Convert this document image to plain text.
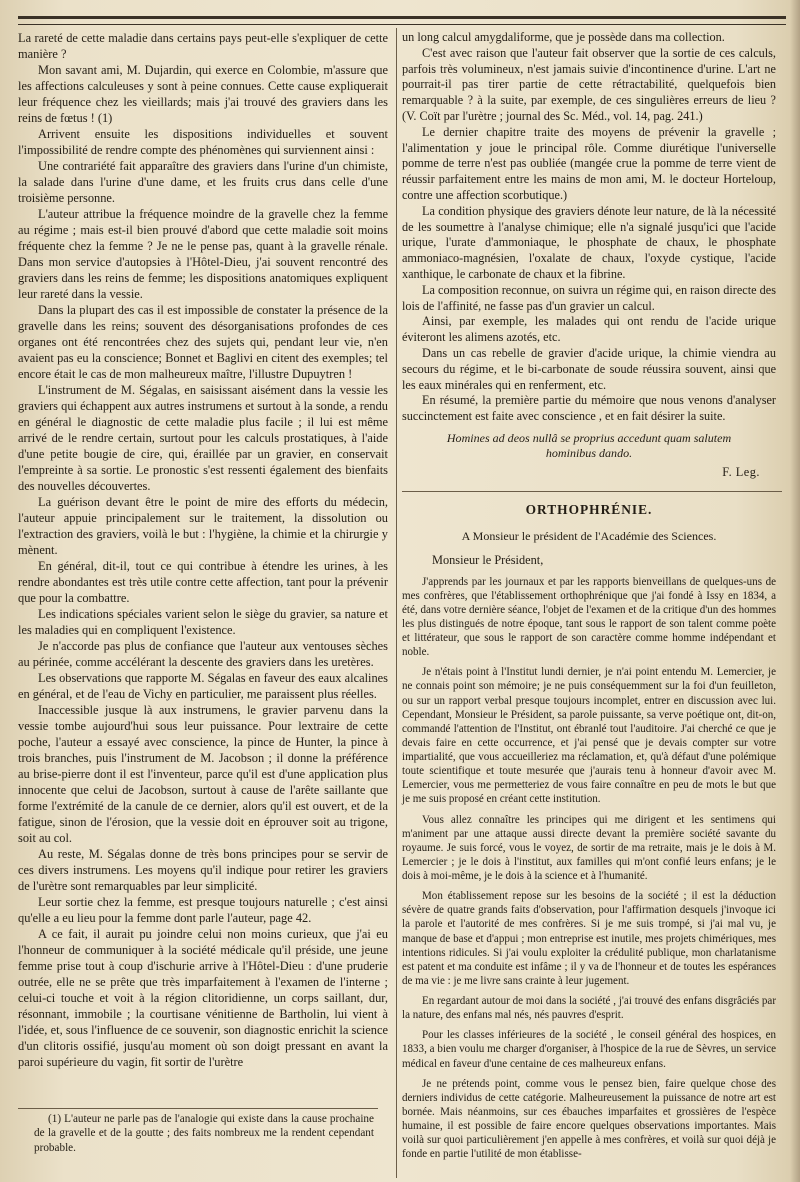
La rareté de cette maladie dans certains pays peut-elle s'expliquer de cette manière ?

Mon savant ami, M. Dujardin, qui exerce en Colombie, m'assure que les affections calculeuses y sont à peine connues. Cette cause expliquerait leur fréquence chez les vieillards; mais j'ai trouvé des graviers dans les reins de fœtus ! (1)

Arrivent ensuite les dispositions individuelles et souvent l'impossibilité de rendre compte des phénomènes qui surviennent ainsi :

Une contrariété fait apparaître des graviers dans l'urine d'un chimiste, la salade dans l'urine d'une dame, et les fruits crus dans celle d'une troisième personne.

L'auteur attribue la fréquence moindre de la gravelle chez la femme au régime ; mais est-il bien prouvé d'abord que cette maladie soit moins fréquente chez la femme ? Je ne le pense pas, quant à la gravelle rénale. Dans mon service d'autopsies à l'Hôtel-Dieu, j'ai souvent rencontré des graviers dans les reins de femme; les dispositions anatomiques expliquent leur rareté dans la vessie.

Dans la plupart des cas il est impossible de constater la présence de la gravelle dans les reins; souvent des désorganisations profondes de ces organes ont été rencontrées chez des sujets qui, pendant leur vie, n'en avaient pas eu la conscience; Bonnet et Baglivi en citent des exemples; tel encore était le cas de mon malheureux maître, l'illustre Dupuytren !

L'instrument de M. Ségalas, en saisissant aisément dans la vessie les graviers qui échappent aux autres instrumens et surtout à la sonde, a rendu en général le diagnostic de cette maladie plus facile ; il lui est même arrivé de le rendre certain, surtout pour les calculs prostatiques, à l'aide d'une petite bougie de cire, qui, éraillée par un gravier, en conservait l'empreinte à sa sortie. Le pronostic s'est ressenti également des bienfaits des nouvelles découvertes.

La guérison devant être le point de mire des efforts du médecin, l'auteur appuie principalement sur le traitement, la dissolution ou l'extraction des graviers, voilà le but : l'hygiène, la chimie et la chirurgie y mènent.

En général, dit-il, tout ce qui contribue à étendre les urines, à les rendre abondantes est très utile contre cette affection, tant pour la prévenir que pour la combattre.

Les indications spéciales varient selon le siège du gravier, sa nature et les maladies qui en compliquent l'existence.

Je n'accorde pas plus de confiance que l'auteur aux ventouses sèches au périnée, comme accélérant la descente des graviers dans les uretères.

Les observations que rapporte M. Ségalas en faveur des eaux alcalines en général, et de l'eau de Vichy en particulier, me paraissent plus réelles.

Inaccessible jusque là aux instrumens, le gravier parvenu dans la vessie tombe aujourd'hui sous leur puissance. Pour lextraire de cette poche, l'auteur a essayé avec conscience, la pince de Hunter, la pince à trois branches, puis l'instrument de M. Jacobson ; il donne la préférence au brise-pierre dont il est l'inventeur, parce qu'il est d'une application plus innocente que celui de Jacobson, surtout à cause de l'arête saillante que forme l'extrémité de la canule de ce dernier, alors qu'il est ouvert, et de la fatigue, sinon de l'érosion, que la vessie doit en éprouver soit au trigone, soit au col.

Au reste, M. Ségalas donne de très bons principes pour se servir de ces divers instrumens. Les moyens qu'il indique pour retirer les graviers de l'urètre sont remarquables par leur simplicité.

Leur sortie chez la femme, est presque toujours naturelle ; c'est ainsi qu'elle a eu lieu pour la femme dont parle l'auteur, page 42.

A ce fait, il aurait pu joindre celui non moins curieux, que j'ai eu l'honneur de communiquer à la société médicale qu'il préside, une jeune femme prise tout à coup d'ischurie arrive à l'Hôtel-Dieu : d'une pruderie outrée, elle ne se prête que très imparfaitement à l'examen de l'interne ; celui-ci touche et voit à la région clitoridienne, un corps saillant, dur, résonnant, immobile ; la courtisane vénitienne de Bartholin, lui vient à l'idée, et, sous l'influence de ce souvenir, son diagnostic enrichit la science d'un clitoris ossifié, jusqu'au moment où son doigt pressant en avant la paroi supérieure du vagin, fit sortir de l'urètre

(1) L'auteur ne parle pas de l'analogie qui existe dans la cause prochaine de la gravelle et de la goutte ; des faits nombreux me la rendent cependant probable.

un long calcul amygdaliforme, que je possède dans ma collection.

C'est avec raison que l'auteur fait observer que la sortie de ces calculs, parfois très volumineux, n'est jamais suivie d'incontinence d'urine. L'art ne pourrait-il pas tirer partie de cette rétractabilité, quelquefois bien remarquable ? à la suite, par exemple, de ces singulières erreurs de lieu ? (V. Coït par l'urètre ; journal des Sc. Méd., vol. 14, pag. 241.)

Le dernier chapitre traite des moyens de prévenir la gravelle ; l'alimentation y joue le principal rôle. Comme diurétique l'universelle pomme de terre n'est pas oubliée (mangée crue la pomme de terre vient de réussir parfaitement entre les mains de mon ami, M. le docteur Horteloup, contre une affection scorbutique.)

La condition physique des graviers dénote leur nature, de là la nécessité de les soumettre à l'analyse chimique; elle n'a signalé jusqu'ici que l'acide urique, l'urate d'ammoniaque, le phosphate de chaux, le phosphate ammoniaco-magnésien, l'oxalate de chaux, l'oxyde cystique, l'acide xanthique, le carbonate de chaux et la fibrine.

La composition reconnue, on suivra un régime qui, en raison directe des lois de l'affinité, ne fasse pas d'un gravier un calcul.

Ainsi, par exemple, les malades qui ont rendu de l'acide urique éviteront les alimens azotés, etc.

Dans un cas rebelle de gravier d'acide urique, la chimie viendra au secours du régime, et le bi-carbonate de soude réussira souvent, ainsi que les eaux minérales qui en renferment, etc.

En résumé, la première partie du mémoire que nous venons d'analyser succinctement est faite avec conscience , et en fait désirer la suite.

Homines ad deos nullâ se proprius accedunt quam salutem hominibus dando.
F. Leg.
ORTHOPHRÉNIE.
A Monsieur le président de l'Académie des Sciences.
Monsieur le Président,

J'apprends par les journaux et par les rapports bienveillans de quelques-uns de mes confrères, que l'établissement orthophrénique que j'ai fondé à Issy en 1834, a été, dans votre dernière séance, l'objet de l'examen et de la critique d'un des hommes les plus distingués de notre époque, tant sous le rapport de son talent comme poète et littérateur, que sous le rapport de son caractère comme homme indépendant et noble.

Je n'étais point à l'Institut lundi dernier, je n'ai point entendu M. Lemercier, je ne connais point son mémoire; je ne puis conséquemment sur la foi d'un feuilleton, ou sur un rapport verbal presque toujours incomplet, entrer en discussion avec lui. Cependant, Monsieur le Président, sa parole puissante, sa verve poétique ont, dit-on, commandé l'attention de l'Institut, ont ébranlé tout l'auditoire. J'ai cherché ce que je devais faire en cette occurrence, et j'ai pensé que je devais compter sur votre impartialité, que vous accueilleriez ma réclamation, et, qu'à défaut d'une polémique toute scientifique et toute mesurée que j'aurais tenu à honneur d'avoir avec M. Lemercier, vous me permetteriez de vous faire connaître en peu de mots le but que je me suis proposé en créant cette institution.

Vous allez connaître les principes qui me dirigent et les sentimens qui m'animent par une attaque aussi directe devant la première société savante du royaume. Je suis forcé, vous le voyez, de sortir de ma retraite, mais je le dois à M. Lemercier ; je le dois à l'institut, aux familles qui m'ont confié leurs enfans; je le dois à moi-même, je le dois à la science et à l'humanité.

Mon établissement repose sur les besoins de la société ; il est la déduction sévère de quatre grands faits d'observation, pour l'affirmation desquels j'invoque ici la parole et l'autorité de mes confrères. Si je me suis trompé, si j'ai mal vu, je manque de base et d'appui ; mon entreprise est inutile, mes projets chimériques, mes intentions ridicules. Si j'ai voulu exploiter la crédulité publique, mon charlatanisme est patent et ma conduite est infâme ; il y va de l'honneur et de toutes les espérances de ma vie : je me livre sans crainte à leur jugement.

En regardant autour de moi dans la société , j'ai trouvé des enfans disgrâciés par la nature, des enfans mal nés, nés pauvres d'esprit.

Pour les classes inférieures de la société , le conseil général des hospices, en 1833, a bien voulu me charger d'organiser, à l'hospice de la rue de Sèvres, un service médical en faveur d'une centaine de ces malheureux enfans.

Je ne prétends point, comme vous le pensez bien, faire quelque chose des derniers individus de cette catégorie. Malheureusement la puissance de notre art est bornée. Mais néanmoins, sur ces ébauches imparfaites et grossières de l'espèce humaine, il est possible de faire encore quelques observations importantes. Mais voilà sur quoi particulièrement j'en appelle à mes confrères, et voilà sur quoi déjà je fonde en partie l'utilité de mon établisse-
